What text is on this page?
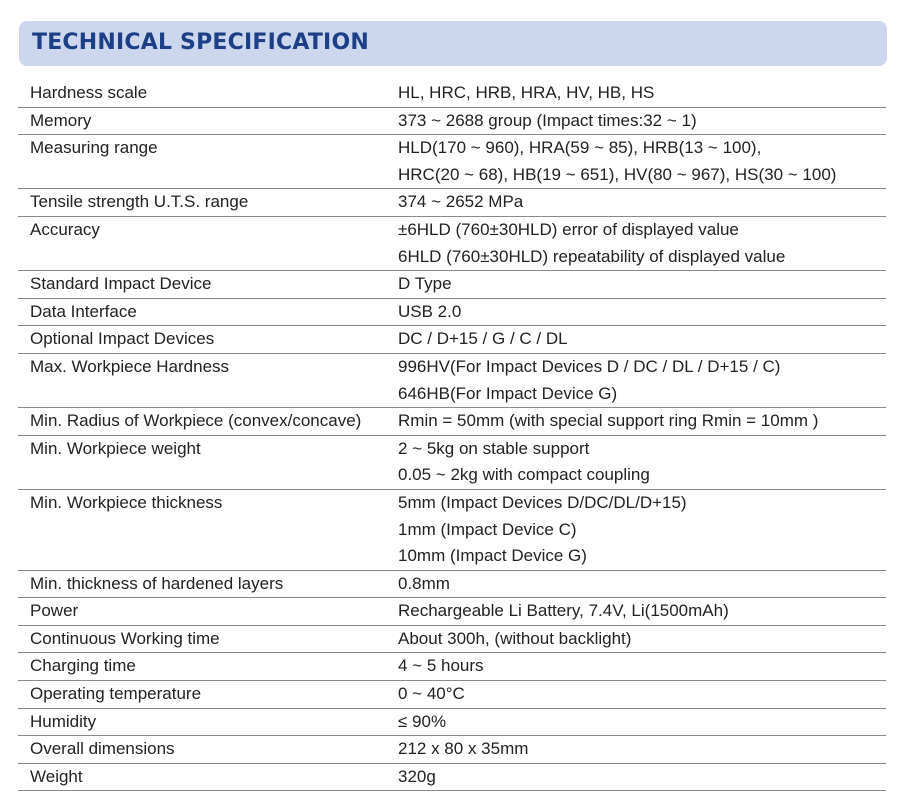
TECHNICAL SPECIFICATION
Hardness scale	HL, HRC, HRB, HRA, HV, HB, HS
Memory	373 ~ 2688 group (Impact times:32 ~ 1)
Measuring range	HLD(170 ~ 960), HRA(59 ~ 85), HRB(13 ~ 100),
HRC(20 ~ 68), HB(19 ~ 651), HV(80 ~ 967), HS(30 ~ 100)
Tensile strength U.T.S. range	374 ~ 2652 MPa
Accuracy	±6HLD (760±30HLD) error of displayed value
6HLD (760±30HLD) repeatability of displayed value
Standard Impact Device	D Type
Data Interface	USB 2.0
Optional Impact Devices	DC / D+15 / G / C / DL
Max. Workpiece Hardness	996HV(For Impact Devices D / DC / DL / D+15 / C)
646HB(For Impact Device G)
Min. Radius of Workpiece (convex/concave)	Rmin = 50mm (with special support ring Rmin = 10mm )
Min. Workpiece weight	2 ~ 5kg on stable support
0.05 ~ 2kg with compact coupling
Min. Workpiece thickness	5mm (Impact Devices D/DC/DL/D+15)
1mm (Impact Device C)
10mm (Impact Device G)
Min. thickness of hardened layers	0.8mm
Power	Rechargeable Li Battery, 7.4V, Li(1500mAh)
Continuous Working time	About 300h, (without backlight)
Charging time	4 ~ 5 hours
Operating temperature	0 ~ 40°C
Humidity	≤ 90%
Overall dimensions	212 x 80 x 35mm
Weight	320g
